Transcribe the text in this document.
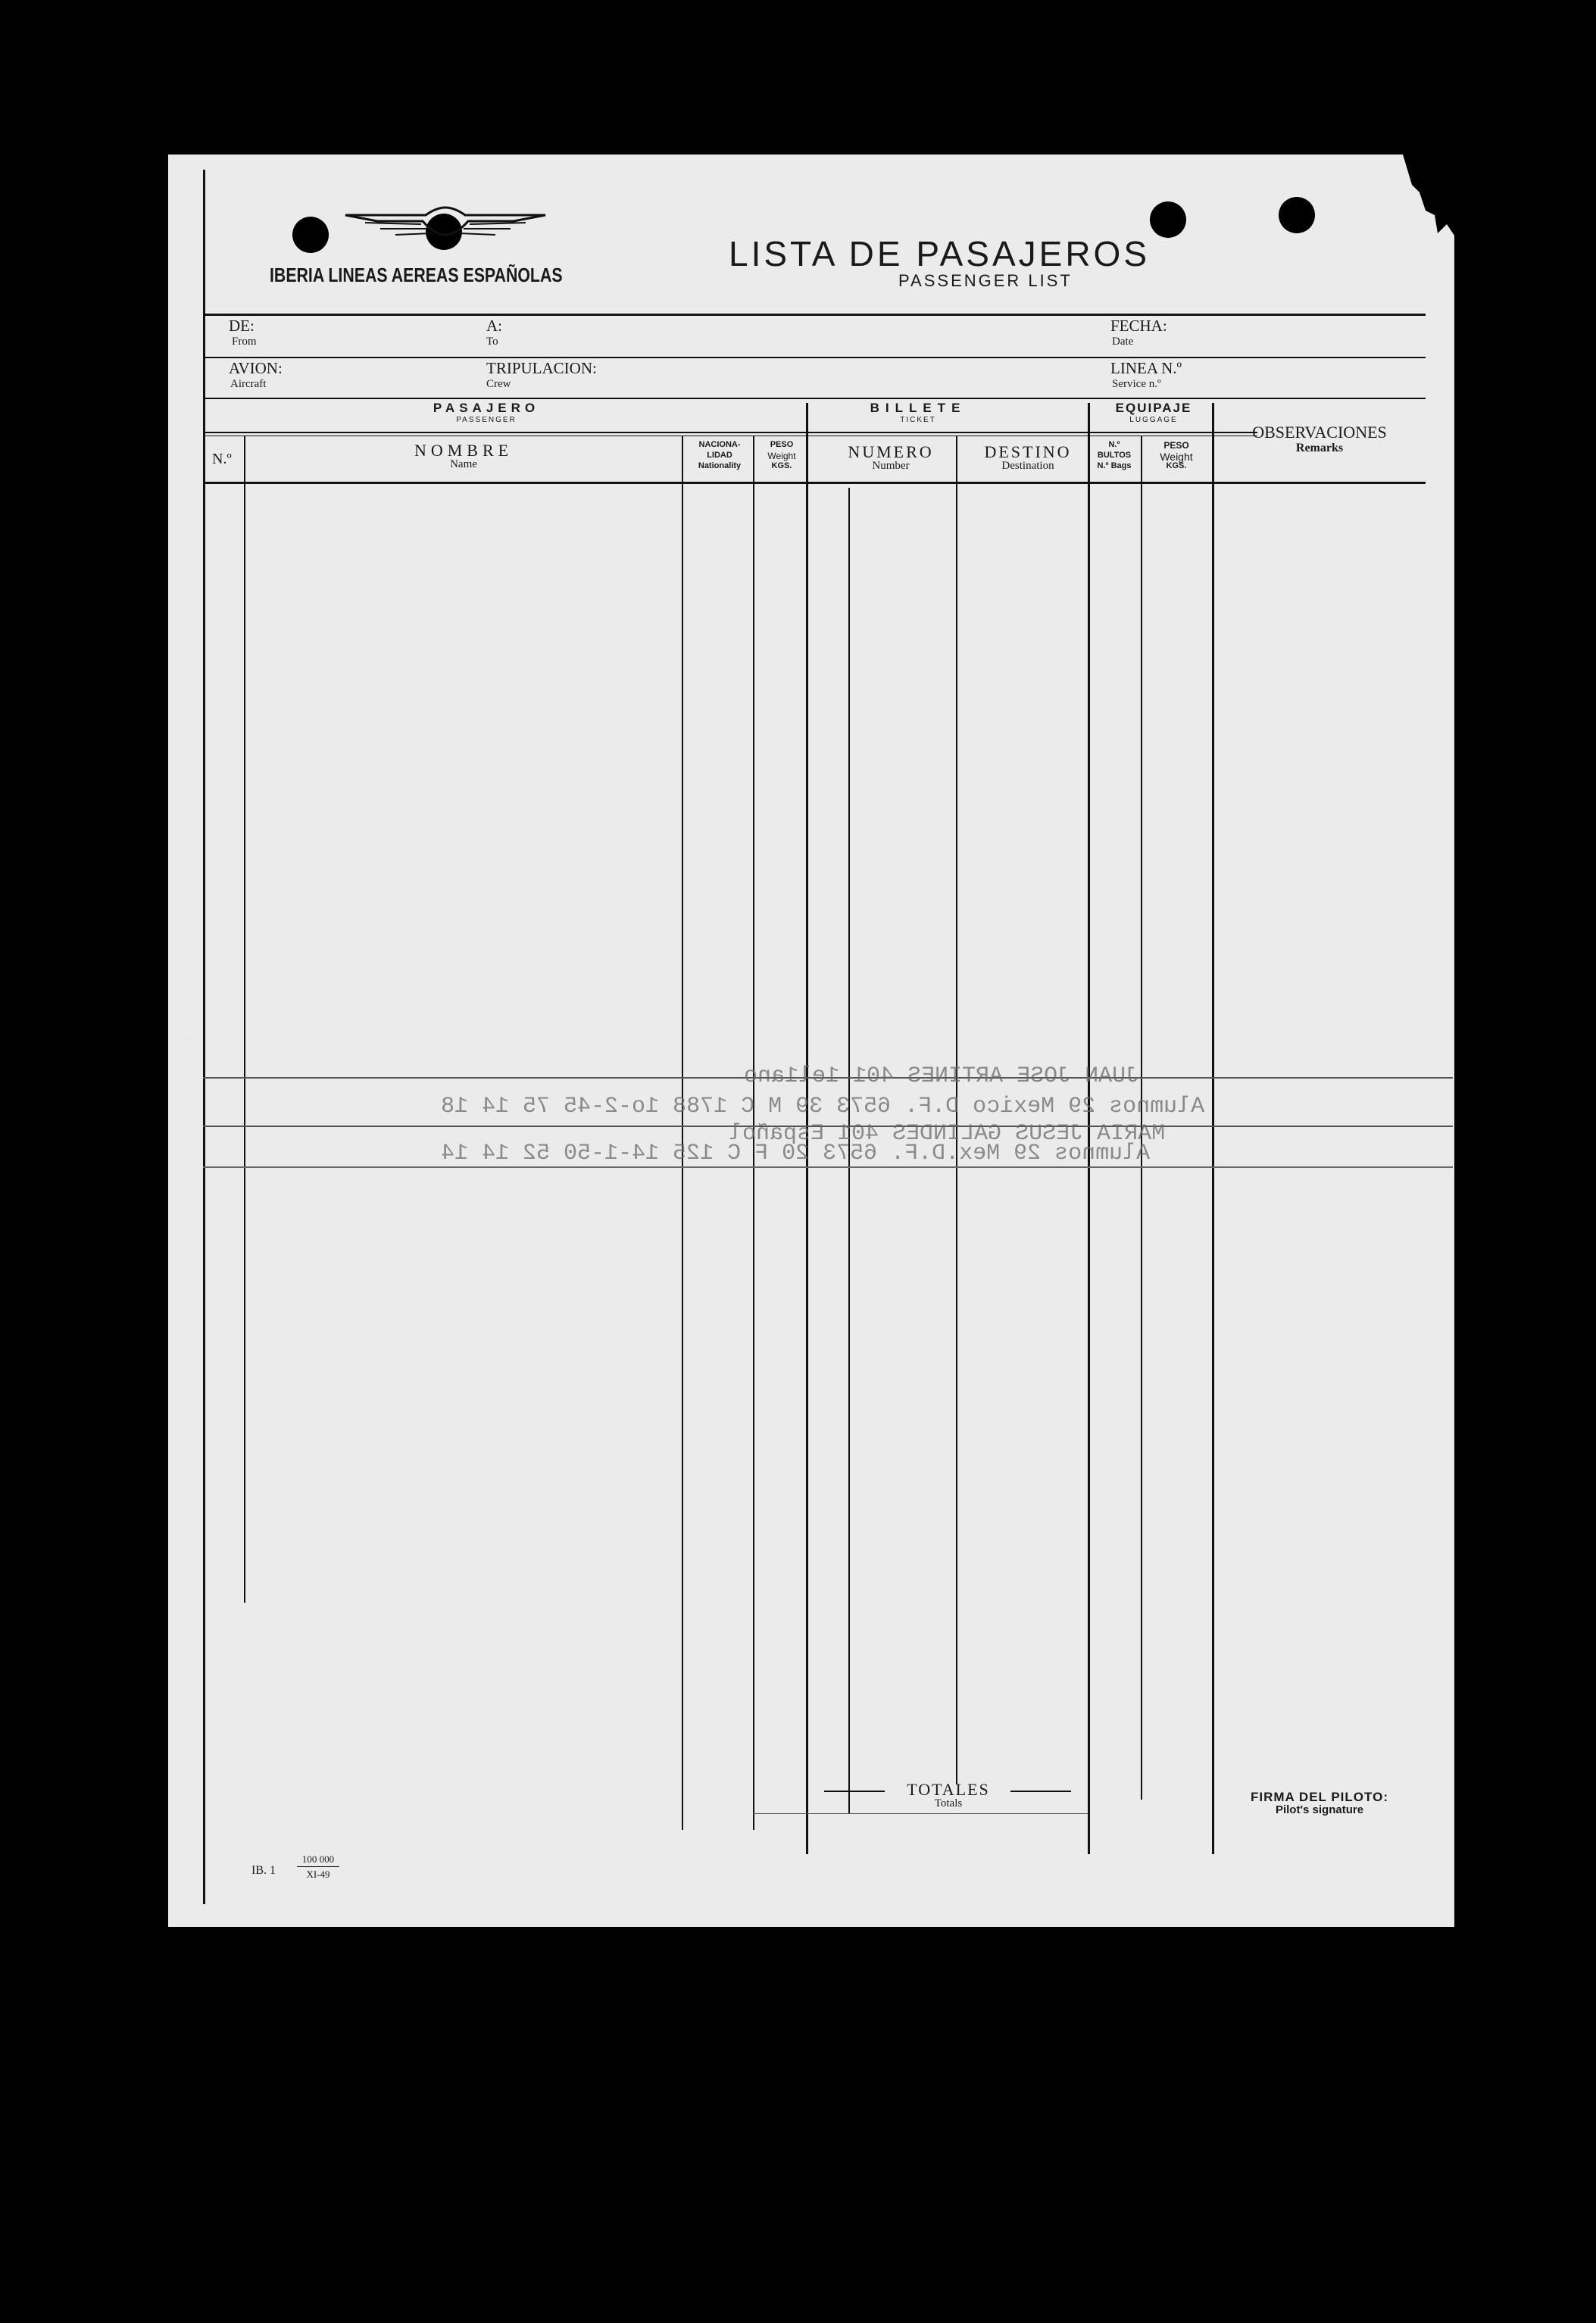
IBERIA LINEAS AEREAS ESPAÑOLAS
LISTA DE PASAJEROS
PASSENGER LIST
DE:
From
A:
To
FECHA:
Date
AVION:
Aircraft
TRIPULACION:
Crew
LINEA N.º
Service n.º
PASAJERO
PASSENGER
BILLETE
TICKET
EQUIPAJE
LUGGAGE
N.º	NOMBRE
Name
NACIONA-
LIDAD
Nationality
PESO
Weight
KGS.
NUMERO
Number
DESTINO
Destination
N.º
BULTOS
N.º Bags
PESO
Weight
KGS.
OBSERVACIONES
Remarks
JUAN JOSE ARTINES 401 1el1ano
Alumnos 29 Mexico D.F. 6573 39 M C 1788 1o-2-45 75 14 18
MARIA JESUS GALINDES 401 Español
Alumnos 29 Mex.D.F. 6573 20 F C 125 14-1-50 52 14 14
TOTALES
Totals	FIRMA DEL PILOTO:
Pilot's signature
IB. 1
100 000
XI-49
←
